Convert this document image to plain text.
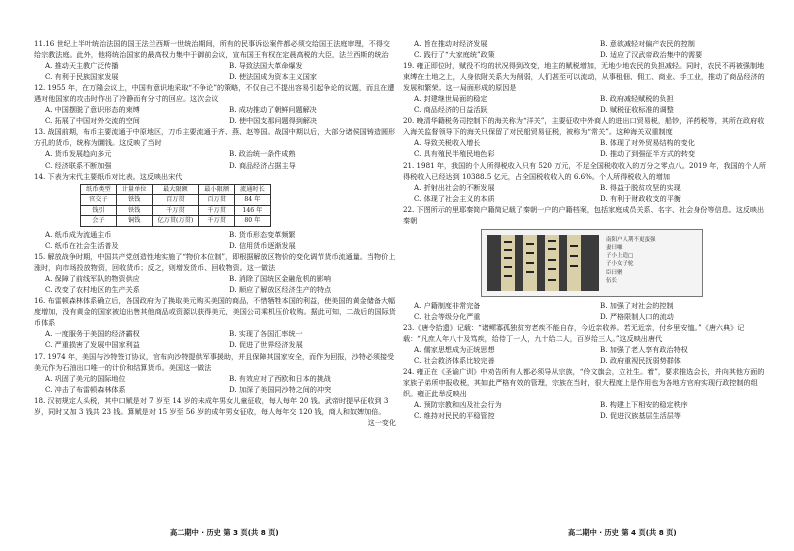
11.16 世纪上半叶统治法国的国王法兰西斯一世统治期间，所有的民事诉讼案件都必须交给国王法庭审理，不得交给宗教法庭。此外，他将统治国家的最高权力集中于御前会议，宣布国王有权在定晨高税的大臣，法兰西斯的统治
A. 推动天主教广泛传播	B. 导致法国大革命爆发
C. 有利于民族国家发展	D. 使法国成为资本主义国家
12. 1955 年，在万隆会议上，中国有意识地采取“不争论”的策略，不仅自己不提出容易引起争论的议题，而且在遭遇对他国家的攻击时作出了冷静而有分寸的回应。这次会议
A. 中国摆脱了意识形态的束缚	B. 成功推动了朝鲜问题解决
C. 拓展了中国对外交流的空间	D. 使中国支那问题得到解决
13. 战国前期，布币主要流通于中原地区，刀币主要流通于齐、燕、赵等国。战国中期以后，大部分诸侯国铸造圆形方孔的货币，统称为圜钱。这反映了当时
A. 货币发展趋向多元	B. 政治统一条件成熟
C. 经济联系不断加强	D. 商品经济占据主导
14. 下表为宋代主要纸币对比表。这反映出宋代
纸币类型	计量单位	最大限额	最小限额	流通时长
官交子	铁钱	百万贯	百万贯	84 年
钱引	铁钱	千万贯	千万贯	146 年
会子	铜钱	亿万贯(万贯)	千万贯	80 年
A. 纸币成为流通主币	B. 货币形态变革频繁
C. 纸币在社会生活普及	D. 信用货币逐渐发展
15. 解放战争时期，中国共产党创造性地实施了“物价本位制”，即根据解放区物价的变化调节货币流通量。当物价上涨时，向市场投放物资，回收货币；反之，则增发货币、回收物资。这一做法
A. 保障了前线军队的物资供应	B. 消除了国统区金融危机的影响
C. 改变了农村地区的生产关系	D. 顺应了解放区经济生产的特点
16. 布雷顿森林体系确立后，各国政府为了换取美元购买美国的商品，不惜牺牲本国的利益，使美国的黄金储备大幅度增加，没有黄金的国家被迫出售其他商品或资源以获得美元，美国公司乘机压价收购。据此可知，二战后的国际货币体系
A. 一度服务于美国的经济霸权	B. 实现了各国汇率统一
C. 严重损害了发展中国家利益	D. 促进了世界经济发展
17. 1974 年，美国与沙特签订协议，官布向沙特提供军事援助，并且保障其国家安全，而作为回报，沙特必须接受美元作为石油出口唯一的计价和结算货币。美国这一做法
A. 巩固了美元的国际地位	B. 有效应对了西欧和日本的挑战
C. 冲击了布雷顿森林体系	D. 加深了美国同沙特之间的冲突
18. 汉初规定人头税，其中口赋是对 7 岁至 14 岁的未成年男女儿童征收，每人每年 20 钱。武帝时提早征收到 3 岁，同时又加 3 钱共 23 钱。算赋是对 15 岁至 56 岁的成年男女征收，每人每年交 120 钱，商人和奴婢加倍。
这一变化
A. 旨在推动对经济发展	B. 意欲减轻对偏产农民的控制
C. 践行了“大家庭统”政策	D. 适应了汉武帝政治集中的需要
19. 雍正即位时，赋役不均的状况得到改变，地主的赋税增加，无地少地农民的负担减轻。同时，农民不再被强制地束缚在土地之上，人身依附关系大为削弱，人们甚至可以流动，从事租佃、佣工、商业、手工业，推动了商品经济的发展和繁荣。这一局面形成的原因是
A. 封建继世局面的稳定	B. 政府减轻赋税的负担
C. 商品经济的日益活跃	D. 赋税征收标准的调整
20. 晚清华籍税务司控制下的海关称为“洋关”，主要征收中外商人的进出口贸易税，船钞，洋药税等，其所在政府收入海关监督领导下的海关只保留了对民船贸易征税，被称为“常关”。这种海关双重制度
A. 导致关税收入增长	B. 体现了对外贸易结构的变化
C. 具有殖民半殖民地色彩	D. 推动了到强征半方式的转变
21. 1981 年，我国的个人所得税收入只有 520 万元，不足全国税收收入的万分之零点八。2019 年，我国的个人所得税收入已经达到 10388.5 亿元，占全国税收收入的 6.6%。个人所得税收入的增加
A. 折射出社会的不断发展	B. 得益于脱贫攻坚的实现
C. 体现了社会主义的本质	D. 有利于财政收支的平衡
22. 下图所示的里耶秦简户籍简记载了秦朝一户的户籍档案，包括家庭成员关系、名字、社会身份等信息。这反映出秦朝
南阳户人荆不更蛮强
妻曰嗛
子小上造□
子小女子驼
臣曰聚
伍长
A. 户籍制度非常完备	B. 加强了对社会的控制
C. 社会等级分化严重	D. 严格限制人口的流动
23.《唐令拾遗》记载：“诸鳏寡孤独贫穷老疾不能自存，今近亲收养。若无近亲，付乡里安恤。”《唐六典》记载：“凡庶人年八十及笃疾，给侍丁一人，九十给二人，百岁给三人。”这反映出唐代
A. 儒家思想成为正统思想	B. 加强了老人享有政治特权
C. 社会救济体系比较完善	D. 政府重视民抚弱势群体
24. 雍正在《圣谕广训》中劝告所有人都必须导从宗族，“伶文旗会，立社生。着”，要求推选会长，并向其他方面的家族子弟所申报收税，其如此严格有效的管理，宗族在当时，很大程度上是作用也为各地方官府实现行政控制的组织。雍正此举反映出
A. 预防宗教和凶及社会行为	B. 构建上下相安的稳定秩序
C. 维持对民民的平稳管控	D. 促进汉族基层生活层等
高二期中 · 历史 第 3 页(共 8 页)	高二期中 · 历史 第 4 页(共 8 页)
